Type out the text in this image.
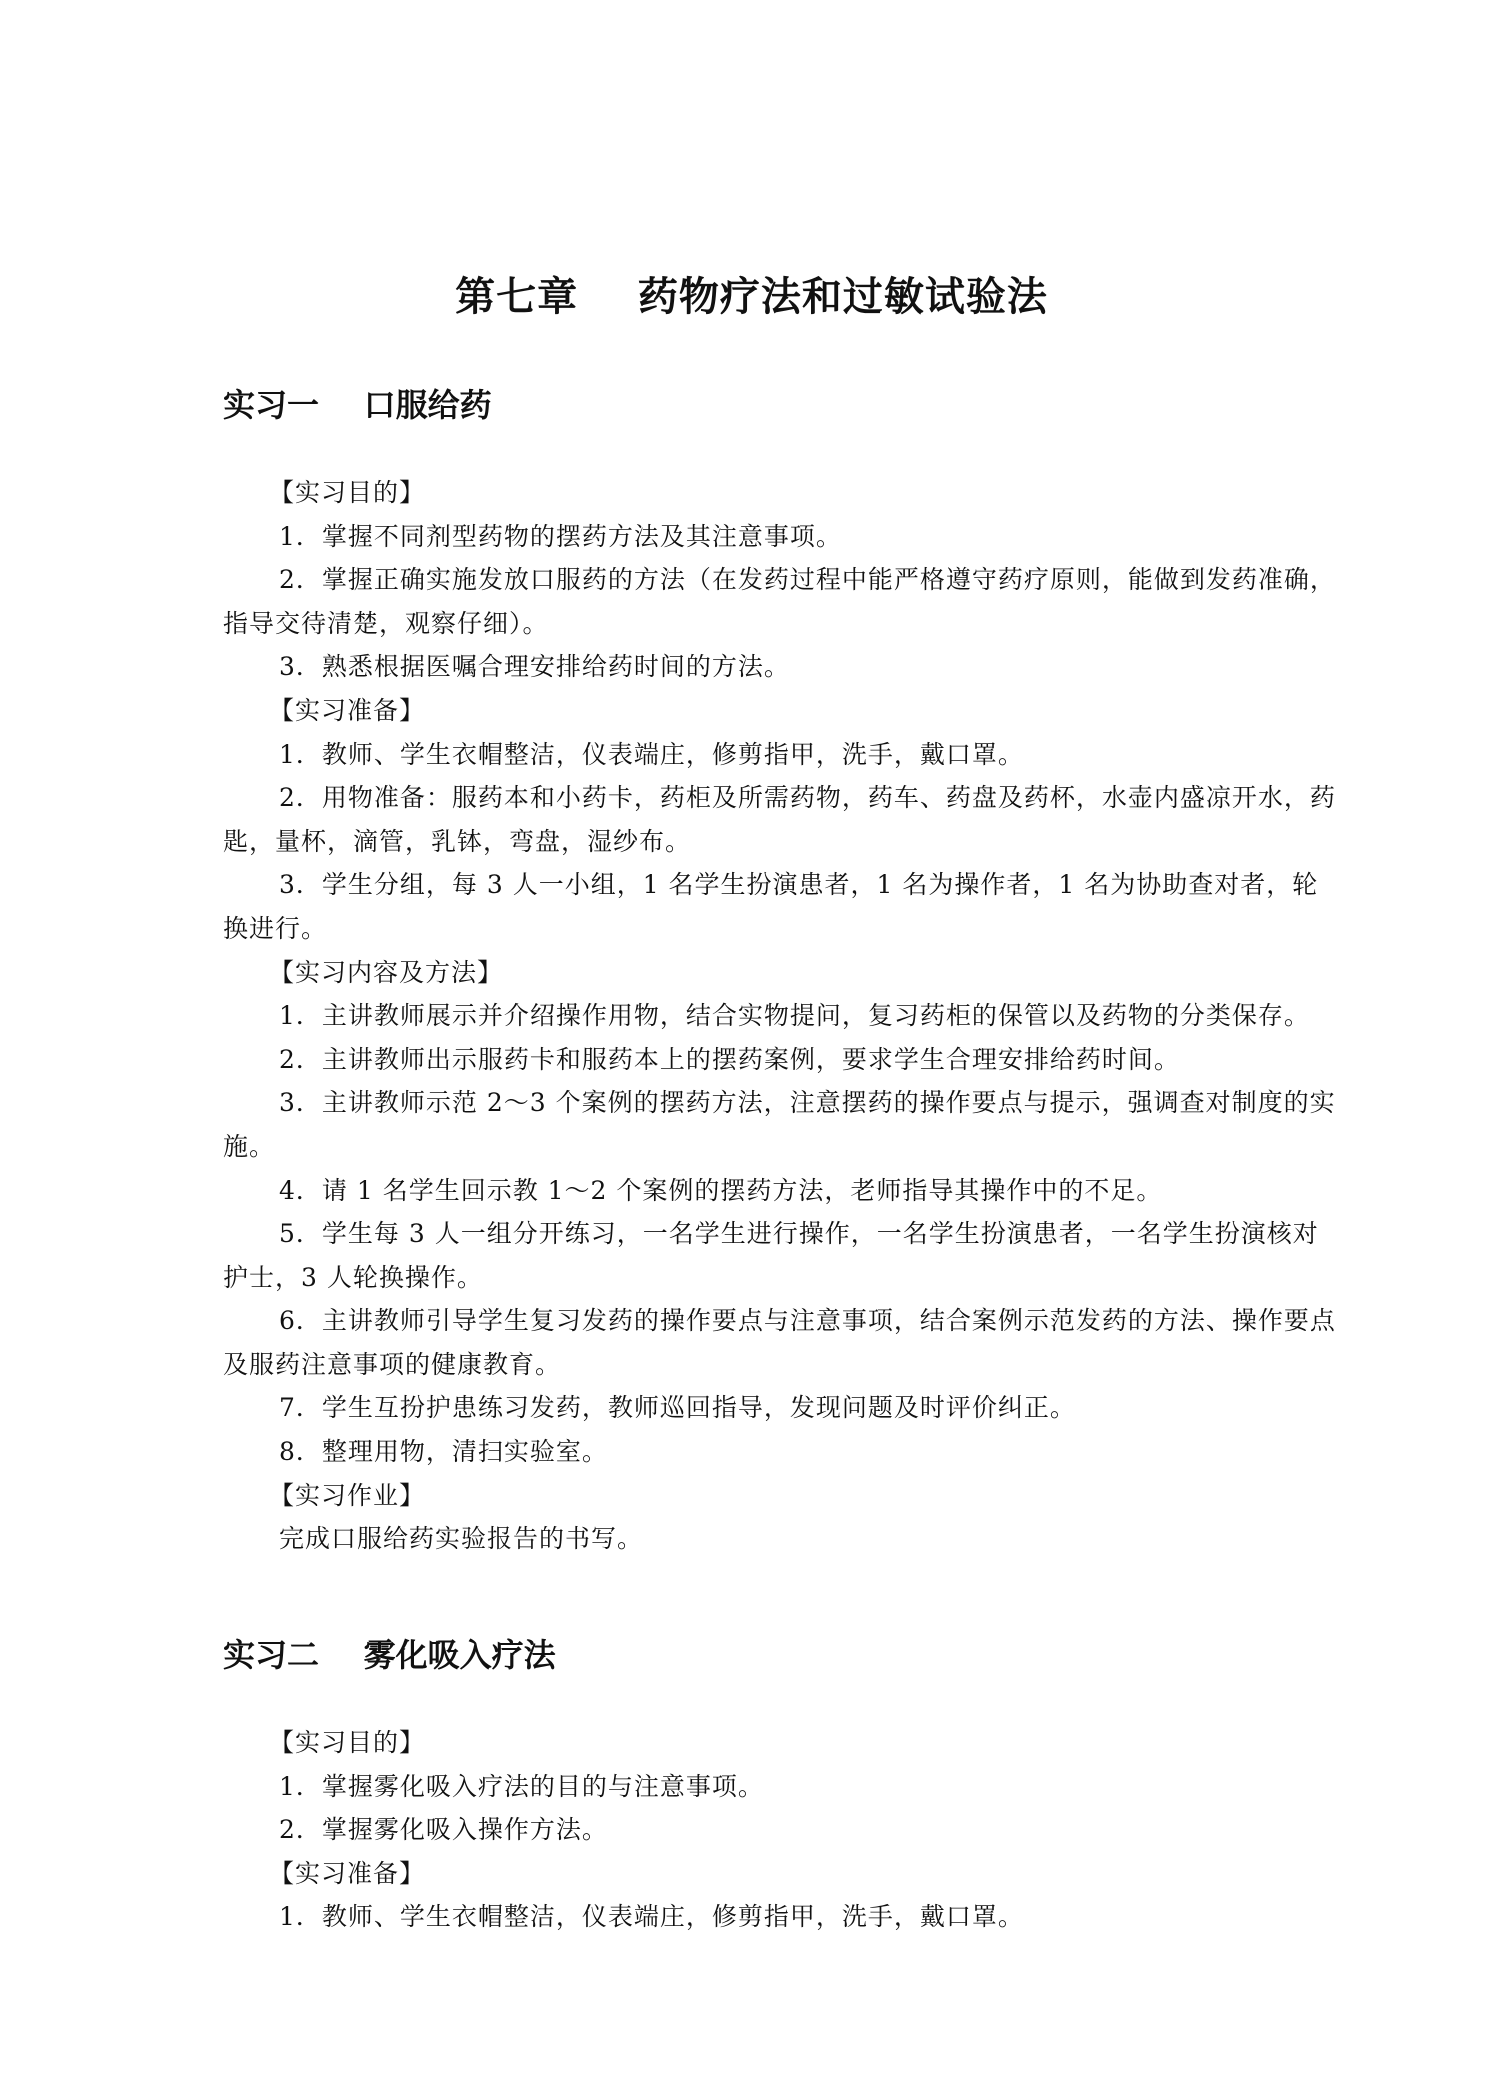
第七章    药物疗法和过敏试验法
实习一    口服给药

【实习目的】

1．掌握不同剂型药物的摆药方法及其注意事项。

2．掌握正确实施发放口服药的方法（在发药过程中能严格遵守药疗原则，能做到发药准确，指导交待清楚，观察仔细）。

3．熟悉根据医嘱合理安排给药时间的方法。

【实习准备】

1．教师、学生衣帽整洁，仪表端庄，修剪指甲，洗手，戴口罩。

2．用物准备：服药本和小药卡，药柜及所需药物，药车、药盘及药杯，水壶内盛凉开水，药匙，量杯，滴管，乳钵，弯盘，湿纱布。

3．学生分组，每 3 人一小组，1 名学生扮演患者，1 名为操作者，1 名为协助查对者，轮换进行。

【实习内容及方法】

1．主讲教师展示并介绍操作用物，结合实物提问，复习药柜的保管以及药物的分类保存。

2．主讲教师出示服药卡和服药本上的摆药案例，要求学生合理安排给药时间。

3．主讲教师示范 2～3 个案例的摆药方法，注意摆药的操作要点与提示，强调查对制度的实施。

4．请 1 名学生回示教 1～2 个案例的摆药方法，老师指导其操作中的不足。

5．学生每 3 人一组分开练习，一名学生进行操作，一名学生扮演患者，一名学生扮演核对护士，3 人轮换操作。

6．主讲教师引导学生复习发药的操作要点与注意事项，结合案例示范发药的方法、操作要点及服药注意事项的健康教育。

7．学生互扮护患练习发药，教师巡回指导，发现问题及时评价纠正。

8．整理用物，清扫实验室。

【实习作业】

完成口服给药实验报告的书写。

实习二    雾化吸入疗法

【实习目的】

1．掌握雾化吸入疗法的目的与注意事项。

2．掌握雾化吸入操作方法。

【实习准备】

1．教师、学生衣帽整洁，仪表端庄，修剪指甲，洗手，戴口罩。
